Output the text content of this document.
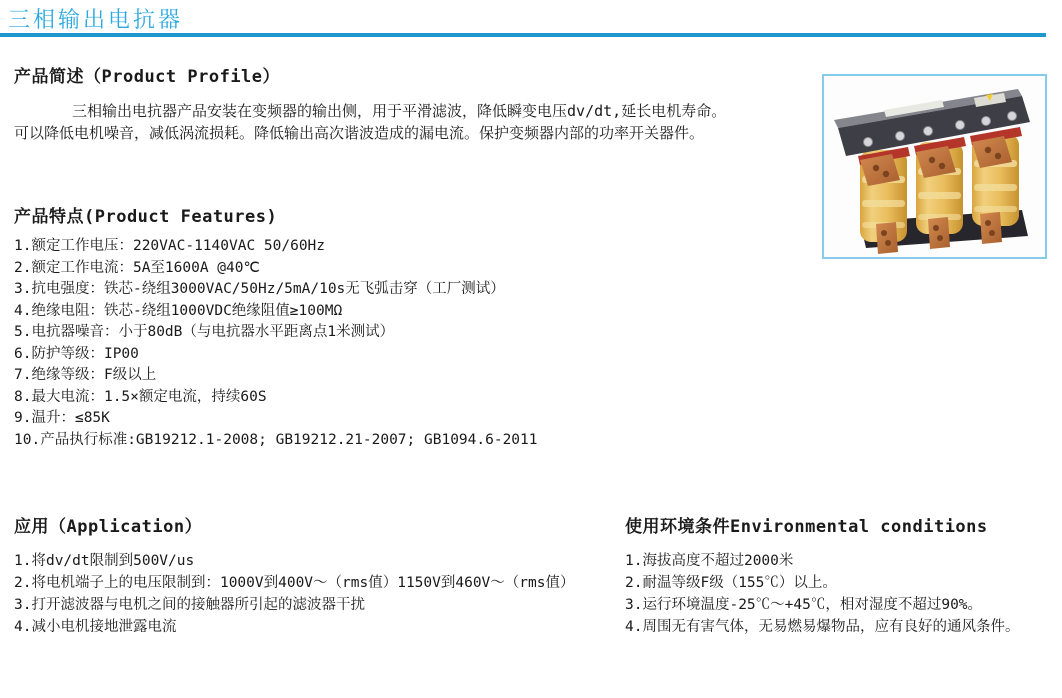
三相输出电抗器
产品简述（Product Profile）
三相输出电抗器产品安装在变频器的输出侧，用于平滑滤波，降低瞬变电压dv/dt,延长电机寿命。
可以降低电机噪音，减低涡流损耗。降低输出高次谐波造成的漏电流。保护变频器内部的功率开关器件。
产品特点(Product Features)
1.额定工作电压：220VAC-1140VAC 50/60Hz
2.额定工作电流：5A至1600A @40℃
3.抗电强度：铁芯-绕组3000VAC/50Hz/5mA/10s无飞弧击穿（工厂测试）
4.绝缘电阻：铁芯-绕组1000VDC绝缘阻值≥100MΩ
5.电抗器噪音：小于80dB（与电抗器水平距离点1米测试）
6.防护等级：IP00
7.绝缘等级：F级以上
8.最大电流：1.5×额定电流，持续60S
9.温升：≤85K
10.产品执行标准:GB19212.1-2008; GB19212.21-2007; GB1094.6-2011
应用（Application）
1.将dv/dt限制到500V/us
2.将电机端子上的电压限制到：1000V到400V～（rms值）1150V到460V～（rms值）
3.打开滤波器与电机之间的接触器所引起的滤波器干扰
4.减小电机接地泄露电流
使用环境条件Environmental conditions
1.海拔高度不超过2000米
2.耐温等级F级（155℃）以上。
3.运行环境温度-25℃～+45℃，相对湿度不超过90%。
4.周围无有害气体，无易燃易爆物品，应有良好的通风条件。
